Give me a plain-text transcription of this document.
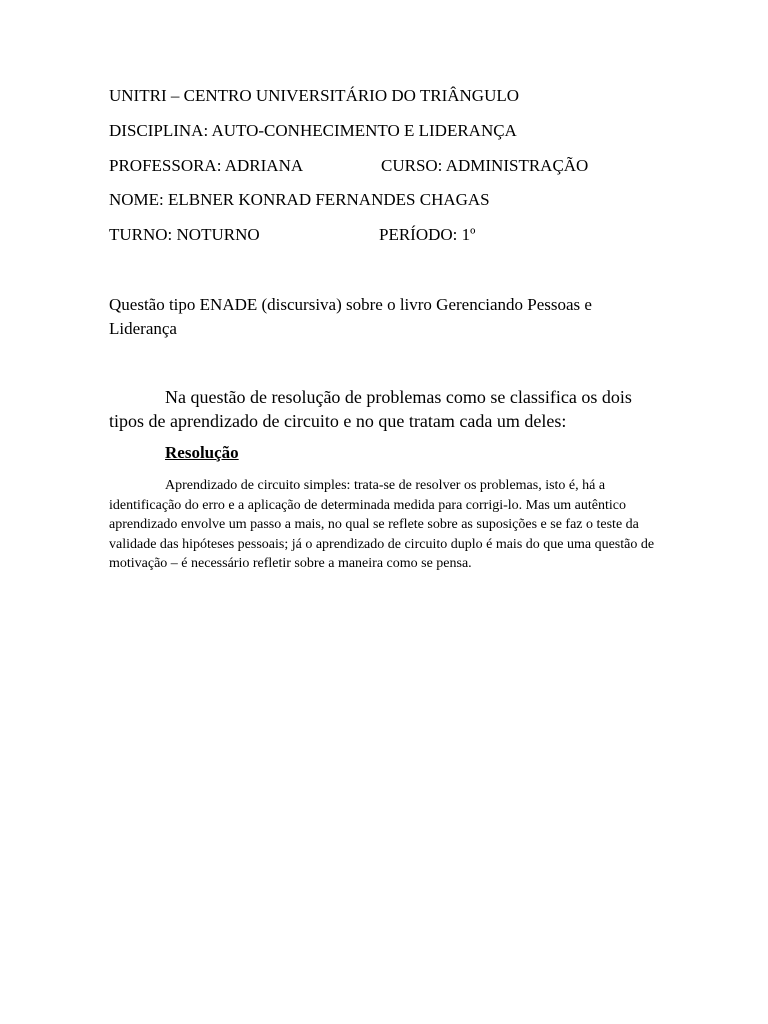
UNITRI – CENTRO UNIVERSITÁRIO DO TRIÂNGULO
DISCIPLINA: AUTO-CONHECIMENTO E LIDERANÇA
PROFESSORA: ADRIANA	CURSO: ADMINISTRAÇÃO
NOME: ELBNER KONRAD FERNANDES CHAGAS
TURNO: NOTURNO	PERÍODO: 1º
Questão tipo ENADE (discursiva) sobre o livro Gerenciando Pessoas e Liderança

Na questão de resolução de problemas como se classifica os dois tipos de aprendizado de circuito e no que tratam cada um deles:

Resolução

Aprendizado de circuito simples: trata-se de resolver os problemas, isto é, há a identificação do erro e a aplicação de determinada medida para corrigi-lo. Mas um autêntico aprendizado envolve um passo a mais, no qual se reflete sobre as suposições e se faz o teste da validade das hipóteses pessoais; já o aprendizado de circuito duplo é mais do que uma questão de motivação – é necessário refletir sobre a maneira como se pensa.
